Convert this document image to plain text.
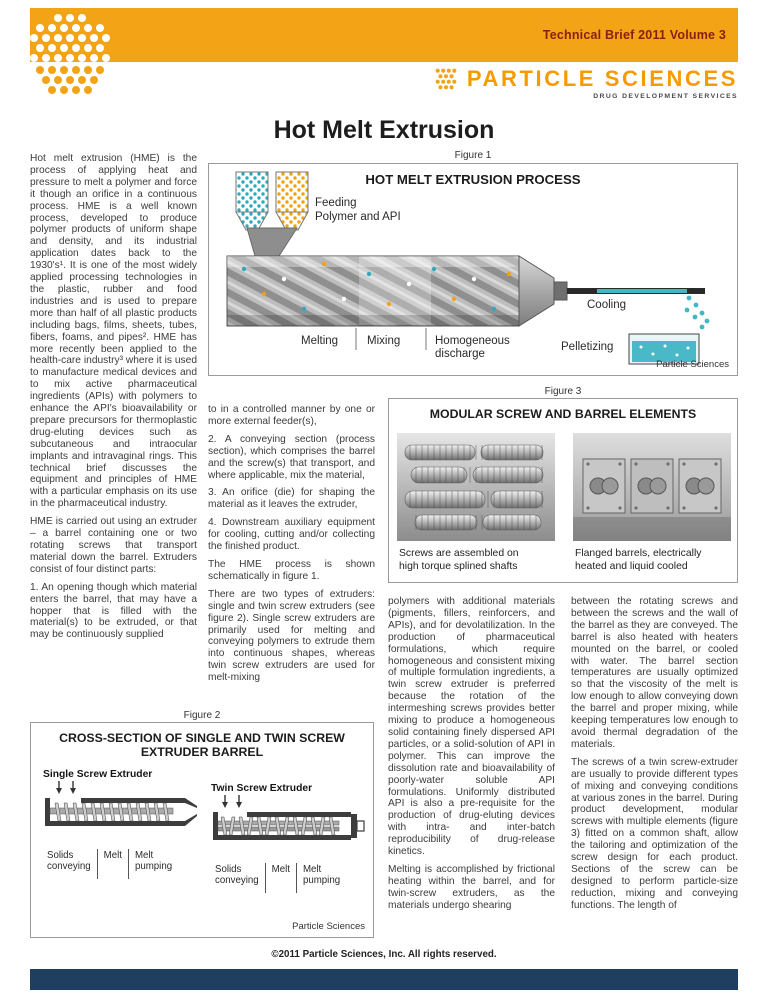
Technical Brief 2011 Volume 3
PARTICLE SCIENCES
DRUG DEVELOPMENT SERVICES
Hot Melt Extrusion

Hot melt extrusion (HME) is the process of applying heat and pressure to melt a polymer and force it though an orifice in a continuous process. HME is a well known process, developed to produce polymer products of uniform shape and density, and its industrial application dates back to the 1930's¹. It is one of the most widely applied processing technologies in the plastic, rubber and food industries and is used to prepare more than half of all plastic products including bags, films, sheets, tubes, fibers, foams, and pipes². HME has more recently been applied to the health-care industry³ where it is used to manufacture medical devices and to mix active pharmaceutical ingredients (APIs) with polymers to enhance the API's bioavailability or prepare precursors for thermoplastic drug-eluting devices such as subcutaneous and intraocular implants and intravaginal rings. This technical brief discusses the equipment and principles of HME with a particular emphasis on its use in the pharmaceutical industry.

HME is carried out using an extruder – a barrel containing one or two rotating screws that transport material down the barrel. Extruders consist of four distinct parts:

1. An opening though which material enters the barrel, that may have a hopper that is filled with the material(s) to be extruded, or that may be continuously supplied

Figure 1
Feeding
Polymer and API
Melting	Mixing	Homogeneous
discharge
Cooling
Pelletizing
HOT MELT EXTRUSION PROCESS
Particle Sciences

to in a controlled manner by one or more external feeder(s),

2. A conveying section (process section), which comprises the barrel and the screw(s) that transport, and where applicable, mix the material,

3. An orifice (die) for shaping the material as it leaves the extruder,

4. Downstream auxiliary equipment for cooling, cutting and/or collecting the finished product.

The HME process is shown schematically in figure 1.

There are two types of extruders: single and twin screw extruders (see figure 2). Single screw extruders are primarily used for melting and conveying polymers to extrude them into continuous shapes, whereas twin screw extruders are used for melt-mixing

Figure 3
MODULAR SCREW AND BARREL ELEMENTS
Screws are assembled on
high torque splined shafts
Flanged barrels, electrically
heated and liquid cooled

polymers with additional materials (pigments, fillers, reinforcers, and APIs), and for devolatilization. In the production of pharmaceutical formulations, which require homogeneous and consistent mixing of multiple formulation ingredients, a twin screw extruder is preferred because the rotation of the intermeshing screws provides better mixing to produce a homogeneous solid containing finely dispersed API particles, or a solid-solution of API in polymer. This can improve the dissolution rate and bioavailability of poorly-water soluble API formulations. Uniformly distributed API is also a pre-requisite for the production of drug-eluting devices with intra- and inter-batch reproducibility of drug-release kinetics.

Melting is accomplished by frictional heating within the barrel, and for twin-screw extruders, as the materials undergo shearing

between the rotating screws and between the screws and the wall of the barrel as they are conveyed. The barrel is also heated with heaters mounted on the barrel, or cooled with water. The barrel section temperatures are usually optimized so that the viscosity of the melt is low enough to allow conveying down the barrel and proper mixing, while keeping temperatures low enough to avoid thermal degradation of the materials.

The screws of a twin screw-extruder are usually to provide different types of mixing and conveying conditions at various zones in the barrel. During product development, modular screws with multiple elements (figure 3) fitted on a common shaft, allow the tailoring and optimization of the screw design for each product. Sections of the screw can be designed to perform particle-size reduction, mixing and conveying functions. The length of

Figure 2
CROSS-SECTION OF SINGLE AND TWIN SCREW
EXTRUDER BARREL
Single Screw Extruder
Solids
conveying
Melt Melt
pumping
Twin Screw Extruder
Solids
conveying
Melt Melt
pumping
Particle Sciences
©2011 Particle Sciences, Inc. All rights reserved.
